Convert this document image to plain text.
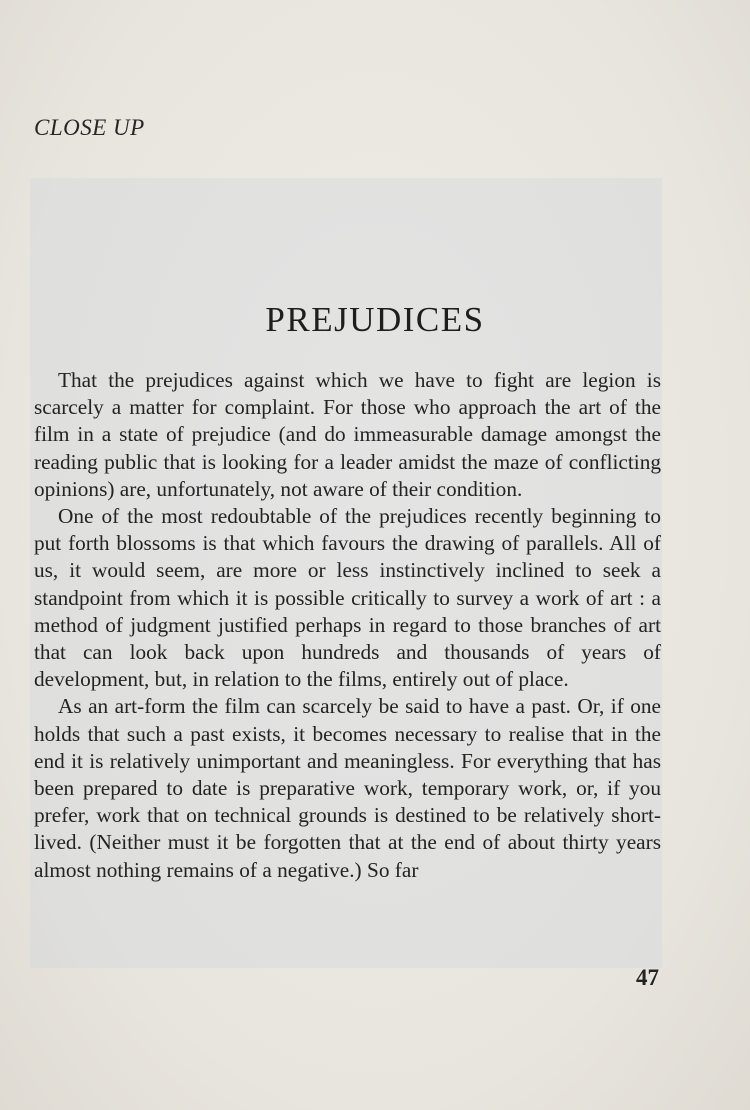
CLOSE UP

PREJUDICES

That the prejudices against which we have to fight are legion is scarcely a matter for complaint. For those who approach the art of the film in a state of prejudice (and do immeasurable damage amongst the reading public that is looking for a leader amidst the maze of conflicting opinions) are, unfortunately, not aware of their condition.

One of the most redoubtable of the prejudices recently beginning to put forth blossoms is that which favours the drawing of parallels. All of us, it would seem, are more or less instinctively inclined to seek a standpoint from which it is possible critically to survey a work of art : a method of judgment justified perhaps in regard to those branches of art that can look back upon hundreds and thousands of years of development, but, in relation to the films, entirely out of place.

As an art-form the film can scarcely be said to have a past. Or, if one holds that such a past exists, it becomes necessary to realise that in the end it is relatively unimportant and meaningless. For everything that has been prepared to date is preparative work, temporary work, or, if you prefer, work that on technical grounds is destined to be relatively short-lived. (Neither must it be forgotten that at the end of about thirty years almost nothing remains of a negative.) So far

47
